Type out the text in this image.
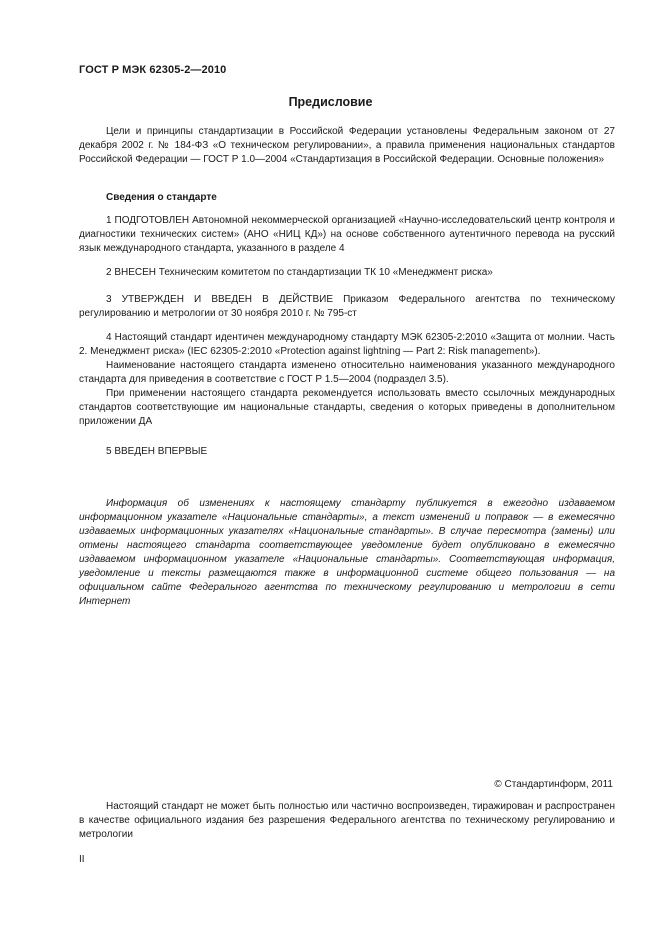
ГОСТ Р МЭК 62305-2—2010
Предисловие

Цели и принципы стандартизации в Российской Федерации установлены Федеральным законом от 27 декабря 2002 г. № 184-ФЗ «О техническом регулировании», а правила применения национальных стандартов Российской Федерации — ГОСТ Р 1.0—2004 «Стандартизация в Российской Федерации. Основные положения»

Сведения о стандарте

1 ПОДГОТОВЛЕН Автономной некоммерческой организацией «Научно-исследовательский центр контроля и диагностики технических систем» (АНО «НИЦ КД») на основе собственного аутентичного перевода на русский язык международного стандарта, указанного в разделе 4

2 ВНЕСЕН Техническим комитетом по стандартизации ТК 10 «Менеджмент риска»

3 УТВЕРЖДЕН И ВВЕДЕН В ДЕЙСТВИЕ Приказом Федерального агентства по техническому регулированию и метрологии от 30 ноября 2010 г. № 795-ст

4 Настоящий стандарт идентичен международному стандарту МЭК 62305-2:2010 «Защита от молнии. Часть 2. Менеджмент риска» (IEC 62305-2:2010 «Protection against lightning — Part 2: Risk management»).

Наименование настоящего стандарта изменено относительно наименования указанного международного стандарта для приведения в соответствие с ГОСТ Р 1.5—2004 (подраздел 3.5).

При применении настоящего стандарта рекомендуется использовать вместо ссылочных международных стандартов соответствующие им национальные стандарты, сведения о которых приведены в дополнительном приложении ДА

5 ВВЕДЕН ВПЕРВЫЕ

Информация об изменениях к настоящему стандарту публикуется в ежегодно издаваемом информационном указателе «Национальные стандарты», а текст изменений и поправок — в ежемесячно издаваемых информационных указателях «Национальные стандарты». В случае пересмотра (замены) или отмены настоящего стандарта соответствующее уведомление будет опубликовано в ежемесячно издаваемом информационном указателе «Национальные стандарты». Соответствующая информация, уведомление и тексты размещаются также в информационной системе общего пользования — на официальном сайте Федерального агентства по техническому регулированию и метрологии в сети Интернет

© Стандартинформ, 2011

Настоящий стандарт не может быть полностью или частично воспроизведен, тиражирован и распространен в качестве официального издания без разрешения Федерального агентства по техническому регулированию и метрологии

II
